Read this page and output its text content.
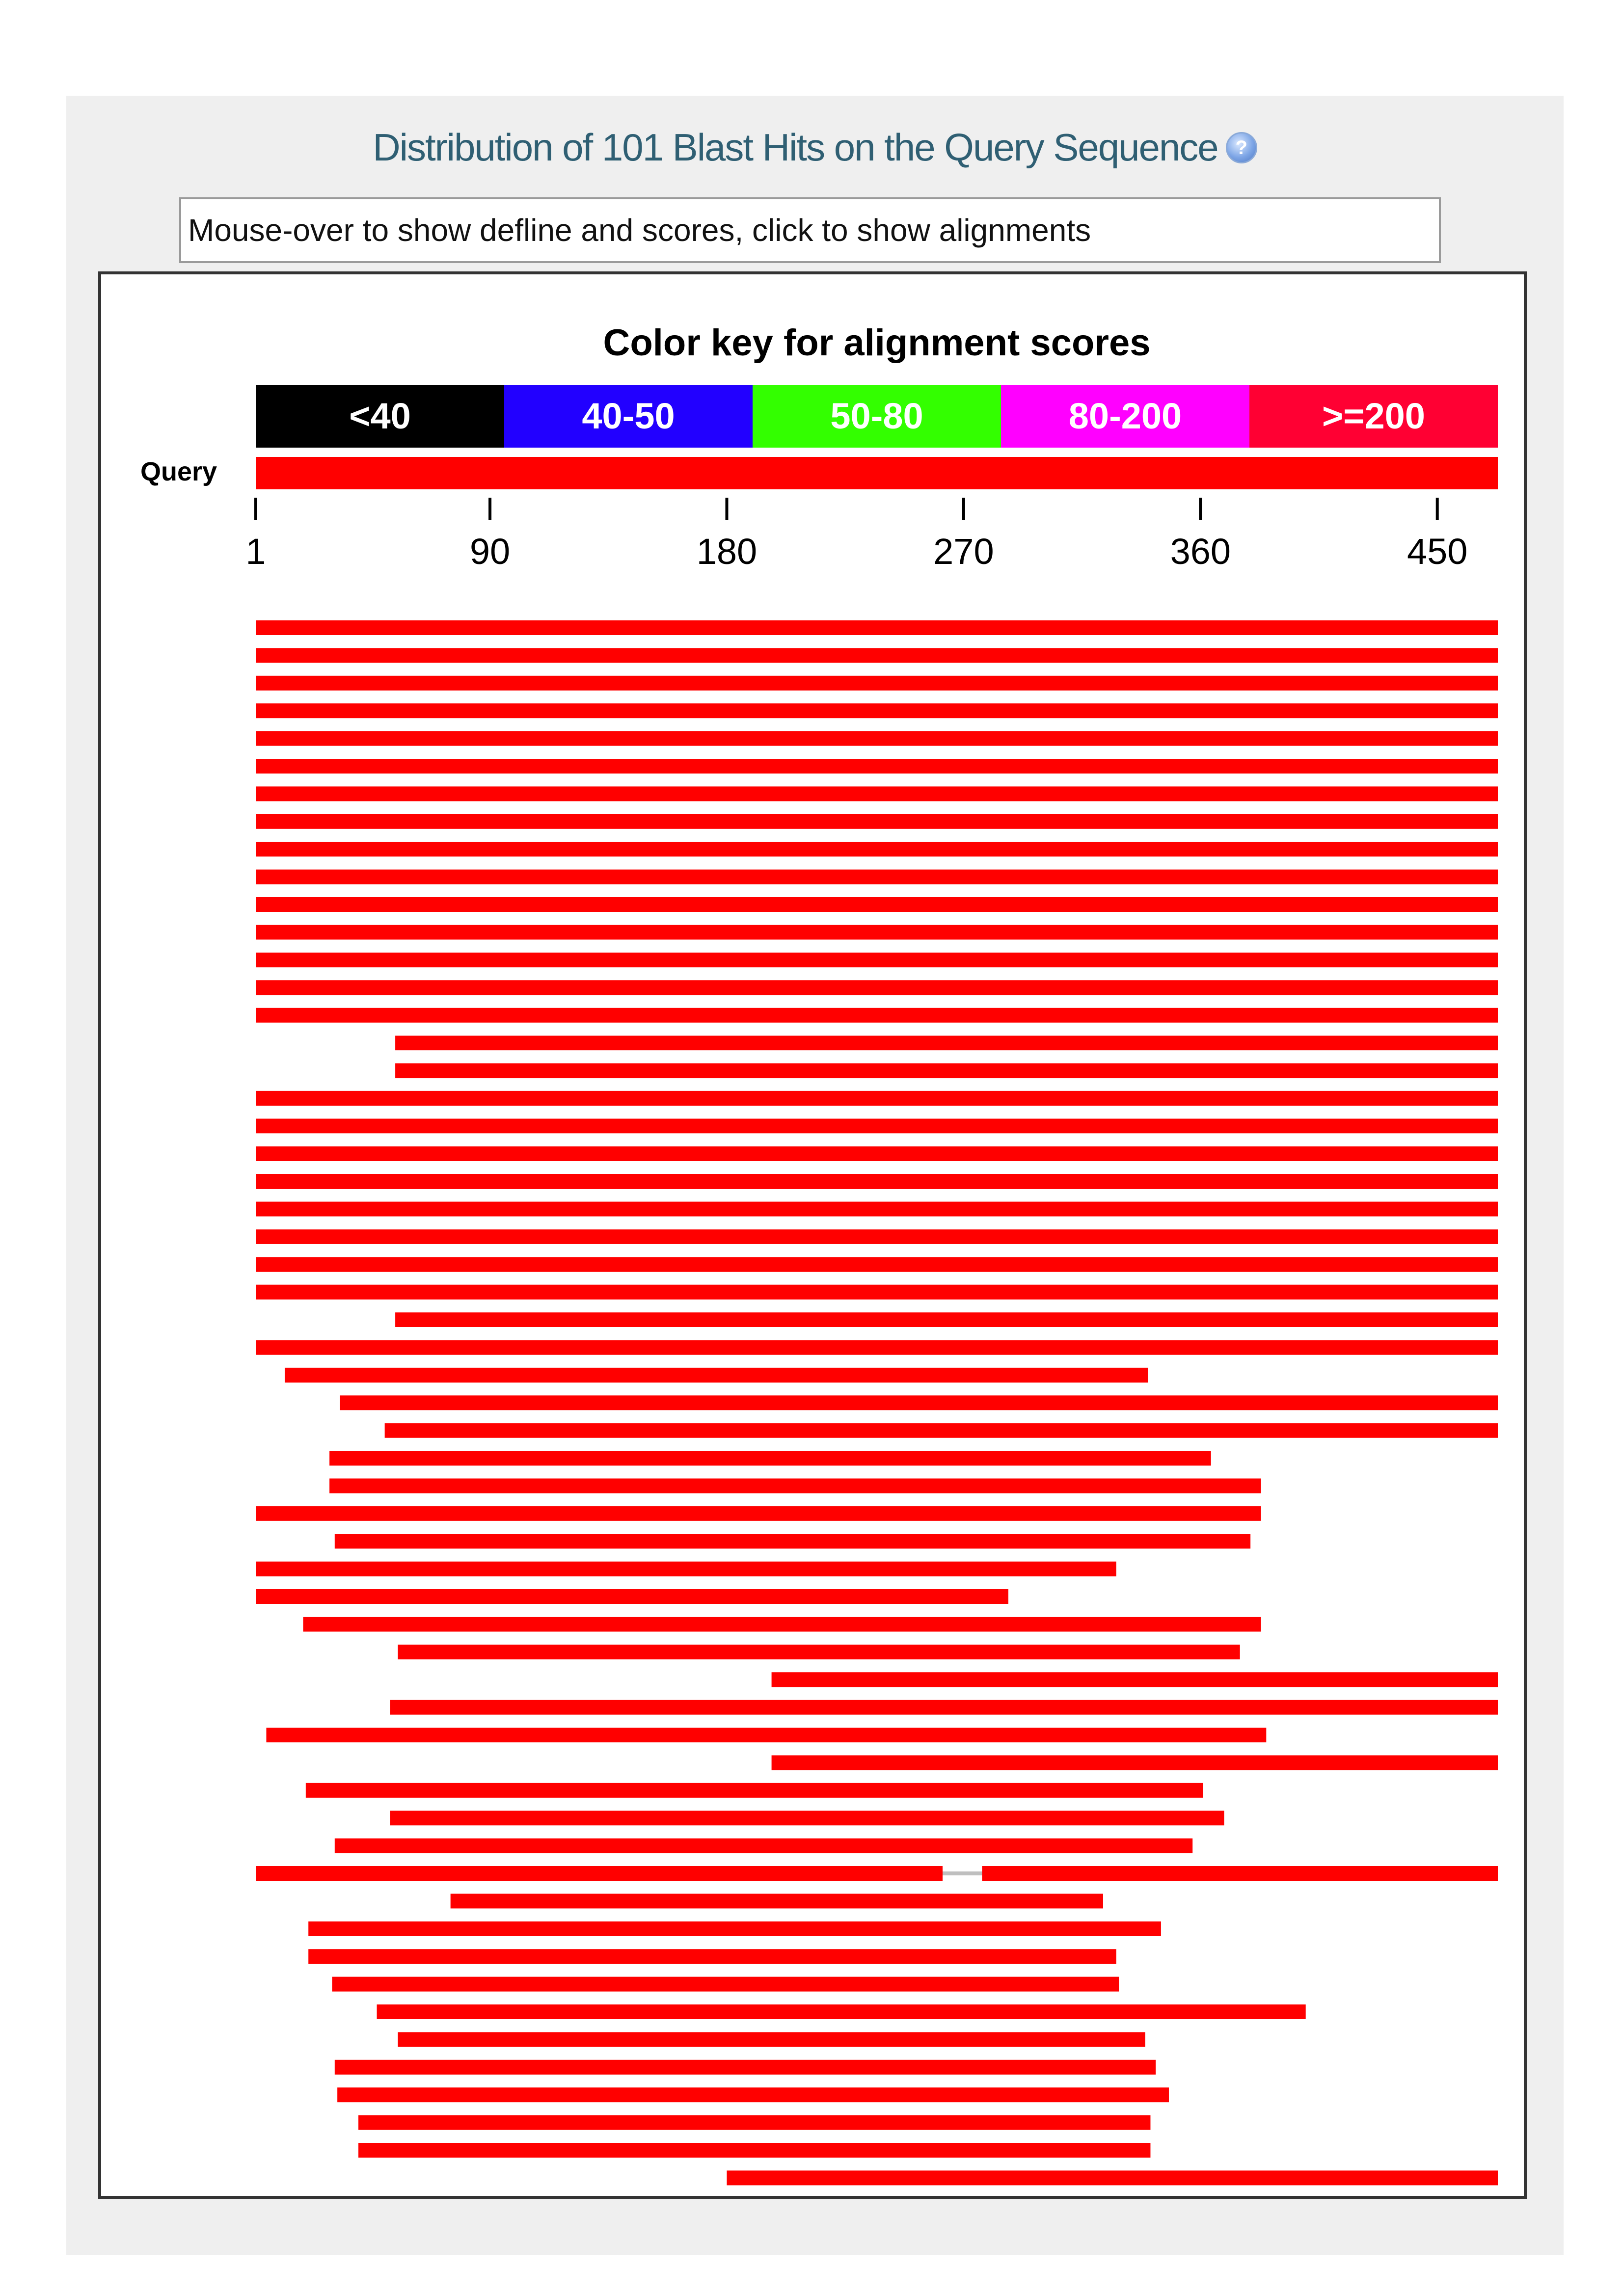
Distribution of 101 Blast Hits on the Query Sequence ?
Mouse-over to show defline and scores, click to show alignments
Color key for alignment scores
<40	40-50	50-80	80-200	>=200
Query
1	90	180	270	360	450
